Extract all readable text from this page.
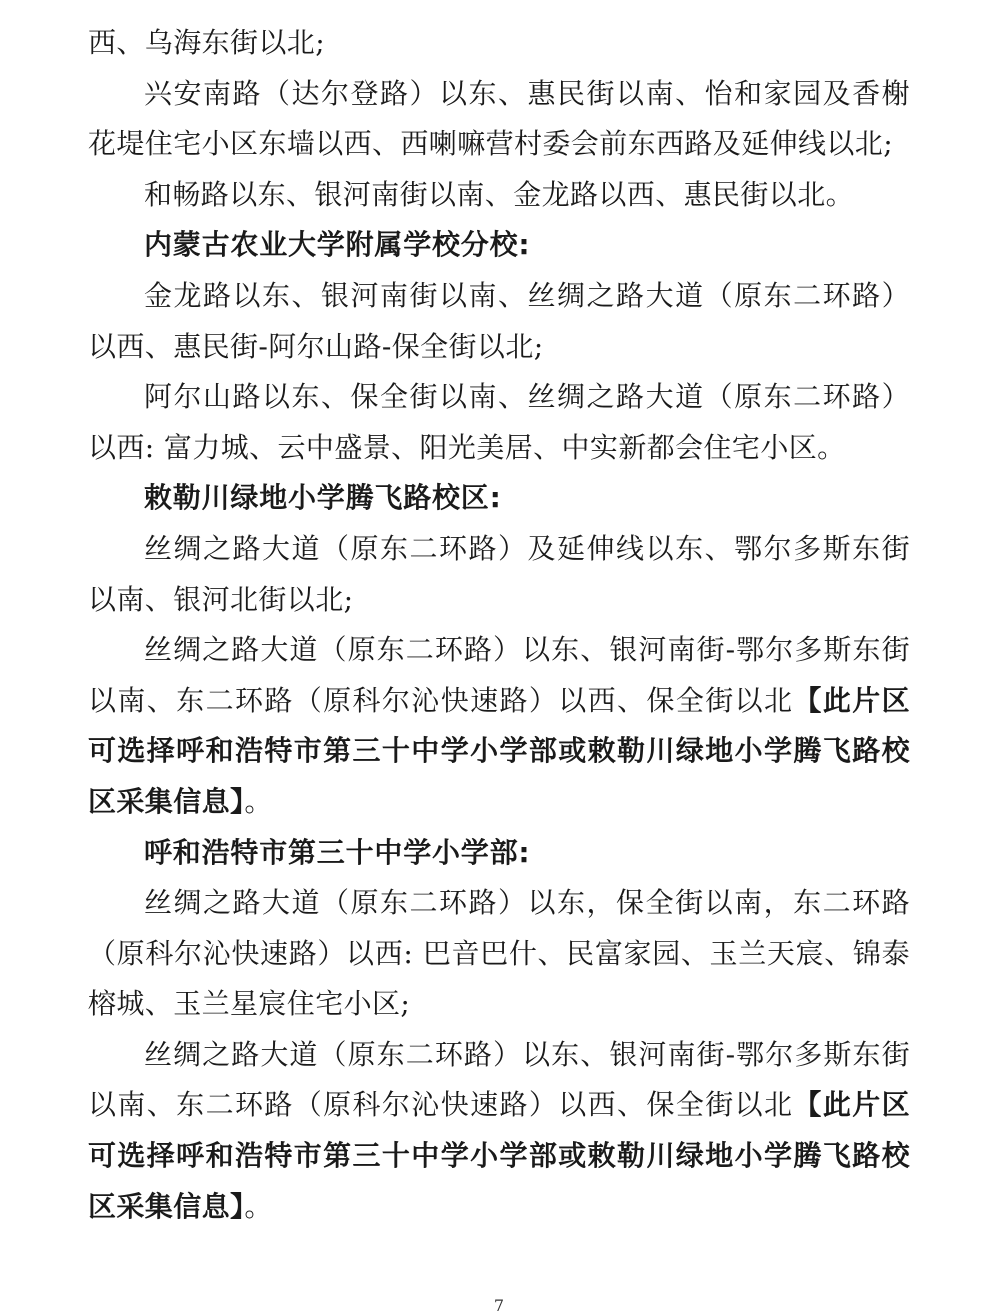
西、乌海东街以北;

兴安南路（达尔登路）以东、惠民街以南、怡和家园及香榭花堤住宅小区东墙以西、西喇嘛营村委会前东西路及延伸线以北;

和畅路以东、银河南街以南、金龙路以西、惠民街以北。

内蒙古农业大学附属学校分校:

金龙路以东、银河南街以南、丝绸之路大道（原东二环路）以西、惠民街-阿尔山路-保全街以北;

阿尔山路以东、保全街以南、丝绸之路大道（原东二环路）以西: 富力城、云中盛景、阳光美居、中实新都会住宅小区。

敕勒川绿地小学腾飞路校区:

丝绸之路大道（原东二环路）及延伸线以东、鄂尔多斯东街以南、银河北街以北;

丝绸之路大道（原东二环路）以东、银河南街-鄂尔多斯东街以南、东二环路（原科尔沁快速路）以西、保全街以北【此片区可选择呼和浩特市第三十中学小学部或敕勒川绿地小学腾飞路校区采集信息】。

呼和浩特市第三十中学小学部:

丝绸之路大道（原东二环路）以东，保全街以南，东二环路（原科尔沁快速路）以西: 巴音巴什、民富家园、玉兰天宸、锦泰榕城、玉兰星宸住宅小区;

丝绸之路大道（原东二环路）以东、银河南街-鄂尔多斯东街以南、东二环路（原科尔沁快速路）以西、保全街以北【此片区可选择呼和浩特市第三十中学小学部或敕勒川绿地小学腾飞路校区采集信息】。

7
